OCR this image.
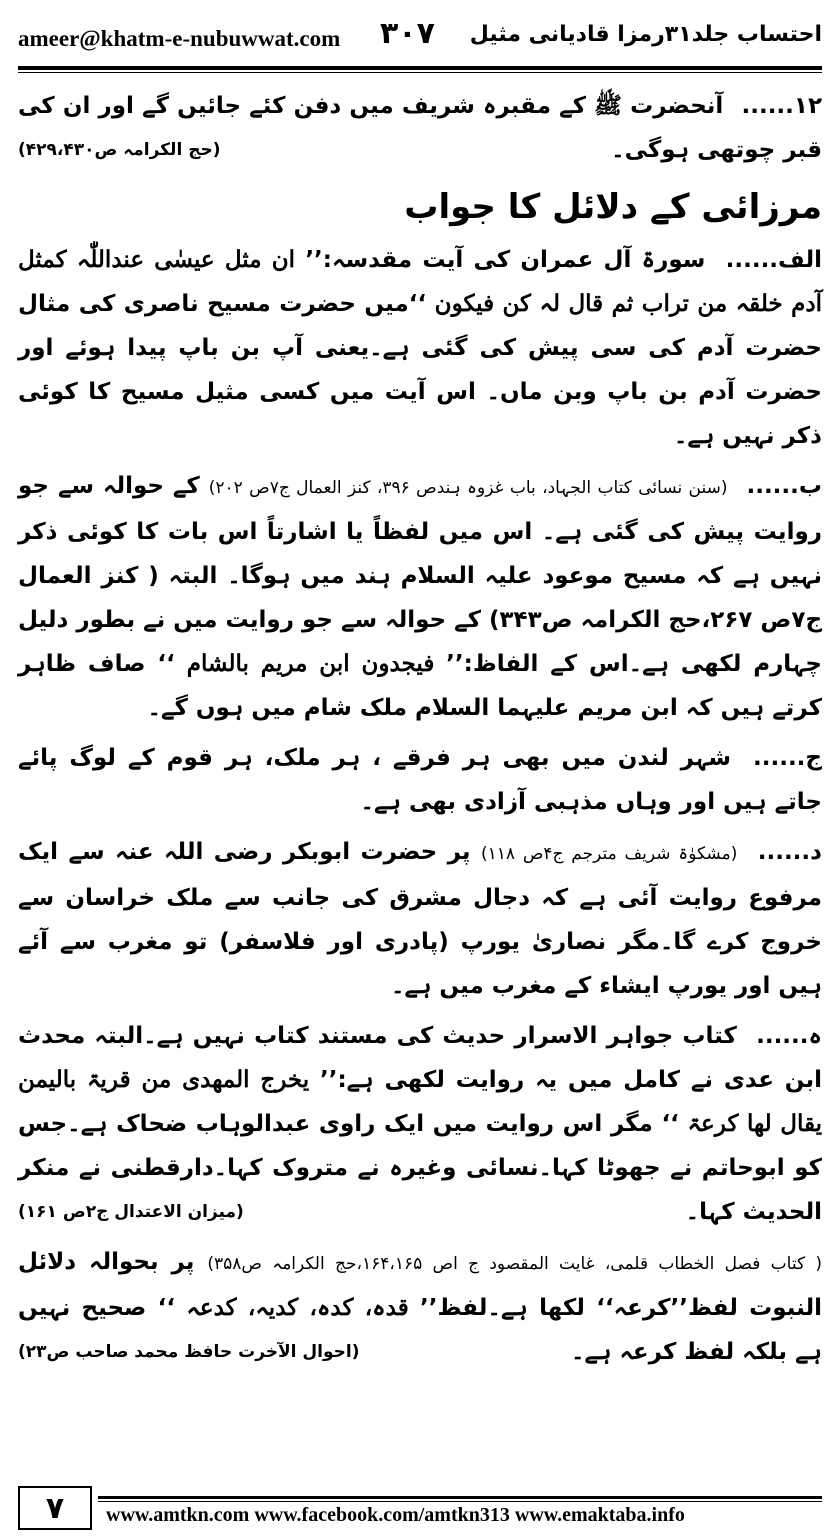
ameer@khatm-e-nubuwwat.com ۳۰۷ احتساب جلد۳۱رمزا قادیانی مثیل

۱۲...... آنحضرت ﷺ کے مقبرہ شریف میں دفن کئے جائیں گے اور ان کی قبر چوتھی ہوگی۔
(حج الکرامہ ص۴۲۹،۴۳۰)

مرزائی کے دلائل کا جواب

الف...... سورۃ آل عمران کی آیت مقدسہ:’’ ان مثل عیسٰی عنداللّٰہ کمثل آدم خلقہ من تراب ثم قال لہ کن فیکون ‘‘میں حضرت مسیح ناصری کی مثال حضرت آدم کی سی پیش کی گئی ہے۔یعنی آپ بن باپ پیدا ہوئے اور حضرت آدم بن باپ وبن ماں۔ اس آیت میں کسی مثیل مسیح کا کوئی ذکر نہیں ہے۔

ب...... (سنن نسائی کتاب الجہاد، باب غزوہ ہندص ۳۹۶، کنز العمال ج۷ص ۲۰۲) کے حوالہ سے جو روایت پیش کی گئی ہے۔ اس میں لفظاً یا اشارتاً اس بات کا کوئی ذکر نہیں ہے کہ مسیح موعود علیہ السلام ہند میں ہوگا۔ البتہ ( کنز العمال ج۷ص ۲۶۷،حج الکرامہ ص۳۴۳) کے حوالہ سے جو روایت میں نے بطور دلیل چہارم لکھی ہے۔اس کے الفاظ:’’ فیجدون ابن مریم بالشام ‘‘ صاف ظاہر کرتے ہیں کہ ابن مریم علیہما السلام ملک شام میں ہوں گے۔

ج...... شہر لندن میں بھی ہر فرقے ، ہر ملک، ہر قوم کے لوگ پائے جاتے ہیں اور وہاں مذہبی آزادی بھی ہے۔

د...... (مشکوٰۃ شریف مترجم ج۴ص ۱۱۸) پر حضرت ابوبکر رضی اللہ عنہ سے ایک مرفوع روایت آئی ہے کہ دجال مشرق کی جانب سے ملک خراسان سے خروج کرے گا۔مگر نصاریٰ یورپ (پادری اور فلاسفر) تو مغرب سے آئے ہیں اور یورپ ایشاء کے مغرب میں ہے۔

ہ...... کتاب جواہر الاسرار حدیث کی مستند کتاب نہیں ہے۔البتہ محدث ابن عدی نے کامل میں یہ روایت لکھی ہے:’’ یخرج المھدی من قریۃ بالیمن یقال لھا کرعۃ ‘‘ مگر اس روایت میں ایک راوی عبدالوہاب ضحاک ہے۔جس کو ابوحاتم نے جھوٹا کہا۔نسائی وغیرہ نے متروک کہا۔دارقطنی نے منکر الحدیث کہا۔
(میزان الاعتدال ج۲ص ۱۶۱)

( کتاب فصل الخطاب قلمی، غایت المقصود ج اص ۱۶۴،۱۶۵،حج الکرامہ ص۳۵۸) پر بحوالہ دلائل النبوت لفظ’’کرعہ‘‘ لکھا ہے۔لفظ’’ قدہ، کدہ، کدیہ، کدعہ ‘‘ صحیح نہیں ہے بلکہ لفظ کرعہ ہے۔
(احوال الآخرت حافظ محمد صاحب ص۲۳)

۷	www.amtkn.com www.facebook.com/amtkn313 www.emaktaba.info
